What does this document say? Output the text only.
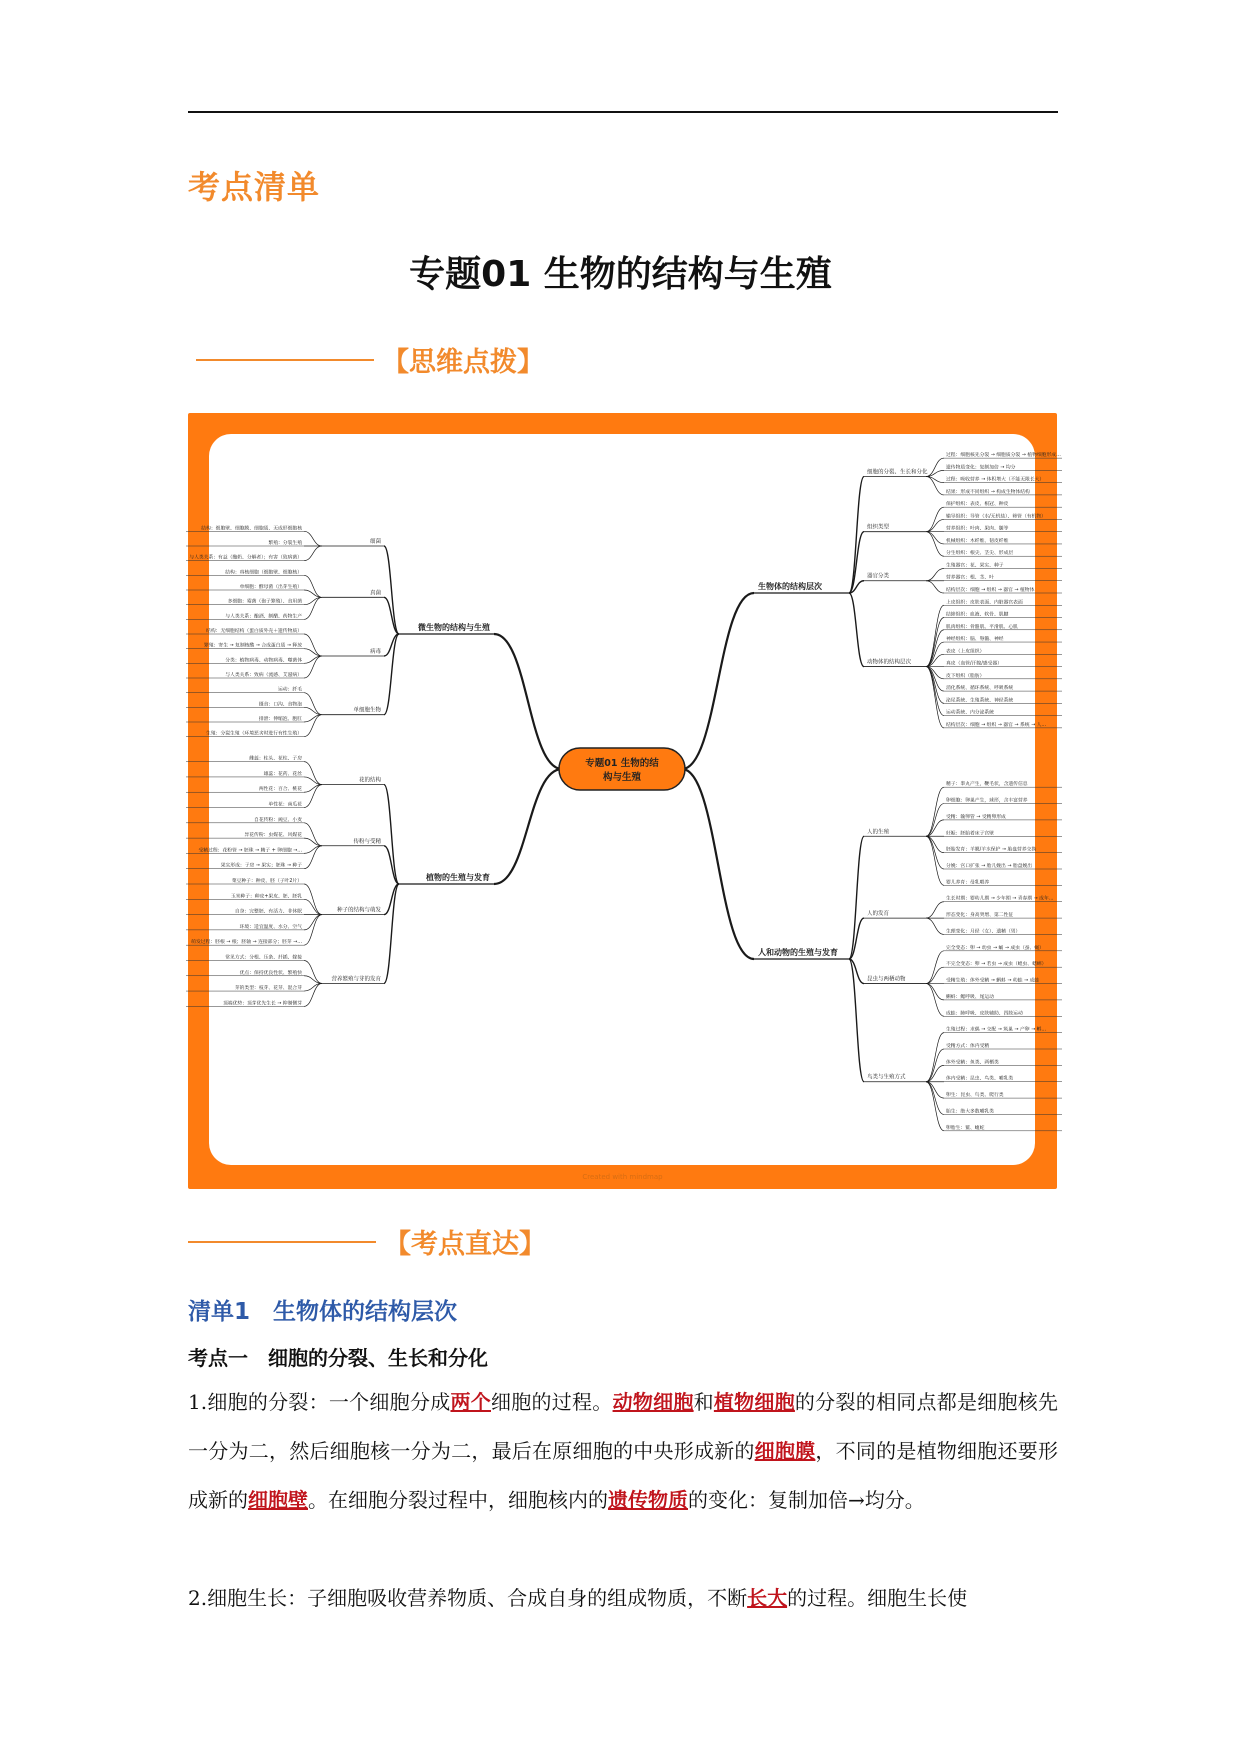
考点清单
专题01 生物的结构与生殖
【思维点拨】
生物体的结构层次
细胞的分裂、生长和分化
过程：细胞核先分裂 → 细胞质分裂 → 植物细胞形成…
遗传物质变化：复制加倍 → 均分
过程：吸收营养 → 体积增大（不能无限长大）
结果：形成不同组织 → 构成生物体结构
组织类型
保护组织：表皮、根冠、种皮
输导组织：导管（水/无机盐）、筛管（有机物）
营养组织：叶肉、果肉、髓等
机械组织：木纤维、韧皮纤维
分生组织：根尖、茎尖、形成层
器官分类
生殖器官：花、果实、种子
营养器官：根、茎、叶
结构层次：细胞 → 组织 → 器官 → 植物体
动物体的结构层次
上皮组织：皮肤表面、内脏器官表面
结缔组织：血液、软骨、肌腱
肌肉组织：骨骼肌、平滑肌、心肌
神经组织：脑、脊髓、神经
表皮（上皮组织）
真皮（血管/汗腺/感受器）
皮下组织（脂肪）
消化系统、循环系统、呼吸系统
泌尿系统、生殖系统、神经系统
运动系统、内分泌系统
结构层次：细胞 → 组织 → 器官 → 系统 → 人…
人和动物的生殖与发育
人的生殖
精子：睾丸产生，鞭毛状，含遗传信息
卵细胞：卵巢产生，球形，含丰富营养
受精：输卵管 → 受精卵形成
妊娠：胚胎着床子宫壁
胚胎发育：羊膜/羊水保护 → 胎盘营养交换
分娩：宫口扩张 → 胎儿娩出 → 胎盘娩出
婴儿养育：母乳喂养
人的发育
生长时期：婴幼儿期 → 少年期 → 青春期 → 成年…
形态变化：身高突增、第二性征
生理变化：月经（女）、遗精（男）
昆虫与两栖动物
完全变态：卵 → 幼虫 → 蛹 → 成虫（蚕、蝇）
不完全变态：卵 → 若虫 → 成虫（蝗虫、蟋蟀）
受精生殖：体外受精 → 蝌蚪 → 幼蛙 → 成蛙
蝌蚪：鳃呼吸、尾运动
成蛙：肺呼吸、皮肤辅助、四肢运动
鸟类与生殖方式
生殖过程：求偶 → 交配 → 筑巢 → 产卵 → 孵…
受精方式：体内受精
体外受精：鱼类、两栖类
体内受精：昆虫、鸟类、哺乳类
卵生：昆虫、鸟类、爬行类
胎生：绝大多数哺乳类
卵胎生：鲨、蝮蛇
微生物的结构与生殖
细菌
结构：细胞壁、细胞膜、细胞质、无成形细胞核
繁殖：分裂生殖
与人类关系：有益（酿奶、分解者）；有害（致病菌）
真菌
结构：真核细胞（细胞壁、细胞核）
单细胞：酵母菌（出芽生殖）
多细胞：霉菌（孢子繁殖）、食用菌
与人类关系：酿酒、制醋、药物生产
病毒
结构：无细胞结构（蛋白质外壳＋遗传物质）
繁殖：寄生 → 复制核酸 → 合成蛋白质 → 释放
分类：植物病毒、动物病毒、噬菌体
与人类关系：致病（流感、艾滋病）
单细胞生物
运动：纤毛
摄食：口沟、食物泡
排泄：伸缩泡、胞肛
生殖：分裂生殖（环境恶劣时进行有性生殖）
植物的生殖与发育
花的结构
雌蕊：柱头、花柱、子房
雄蕊：花药、花丝
两性花：百合、桃花
单性花：南瓜花
传粉与受精
自花传粉：豌豆、小麦
异花传粉：虫媒花、风媒花
受精过程：花粉管 → 胚珠 → 精子 + 卵细胞 →…
果实形成：子房 → 果实；胚珠 → 种子
种子的结构与萌发
菜豆种子：种皮、胚（子叶2片）
玉米种子：种皮+果皮、胚、胚乳
自身：完整胚、有活力、非休眠
环境：适宜温度、水分、空气
萌发过程：胚根 → 根；胚轴 → 连接部分；胚芽 →…
营养繁殖与芽的发育
常见方式：分根、压条、扦插、嫁接
优点：保持优良性状、繁殖快
芽的类型：枝芽、花芽、混合芽
顶端优势：顶芽优先生长 → 抑制侧芽
专题01 生物的结
构与生殖
Created with mindmap
【考点直达】
清单1　生物体的结构层次
考点一　细胞的分裂、生长和分化
1.细胞的分裂：一个细胞分成两个细胞的过程。动物细胞和植物细胞的分裂的相同点都是细胞核先一分为二，然后细胞核一分为二，最后在原细胞的中央形成新的细胞膜，不同的是植物细胞还要形成新的细胞壁。在细胞分裂过程中，细胞核内的遗传物质的变化：复制加倍→均分。
2.细胞生长：子细胞吸收营养物质、合成自身的组成物质，不断长大的过程。细胞生长使
